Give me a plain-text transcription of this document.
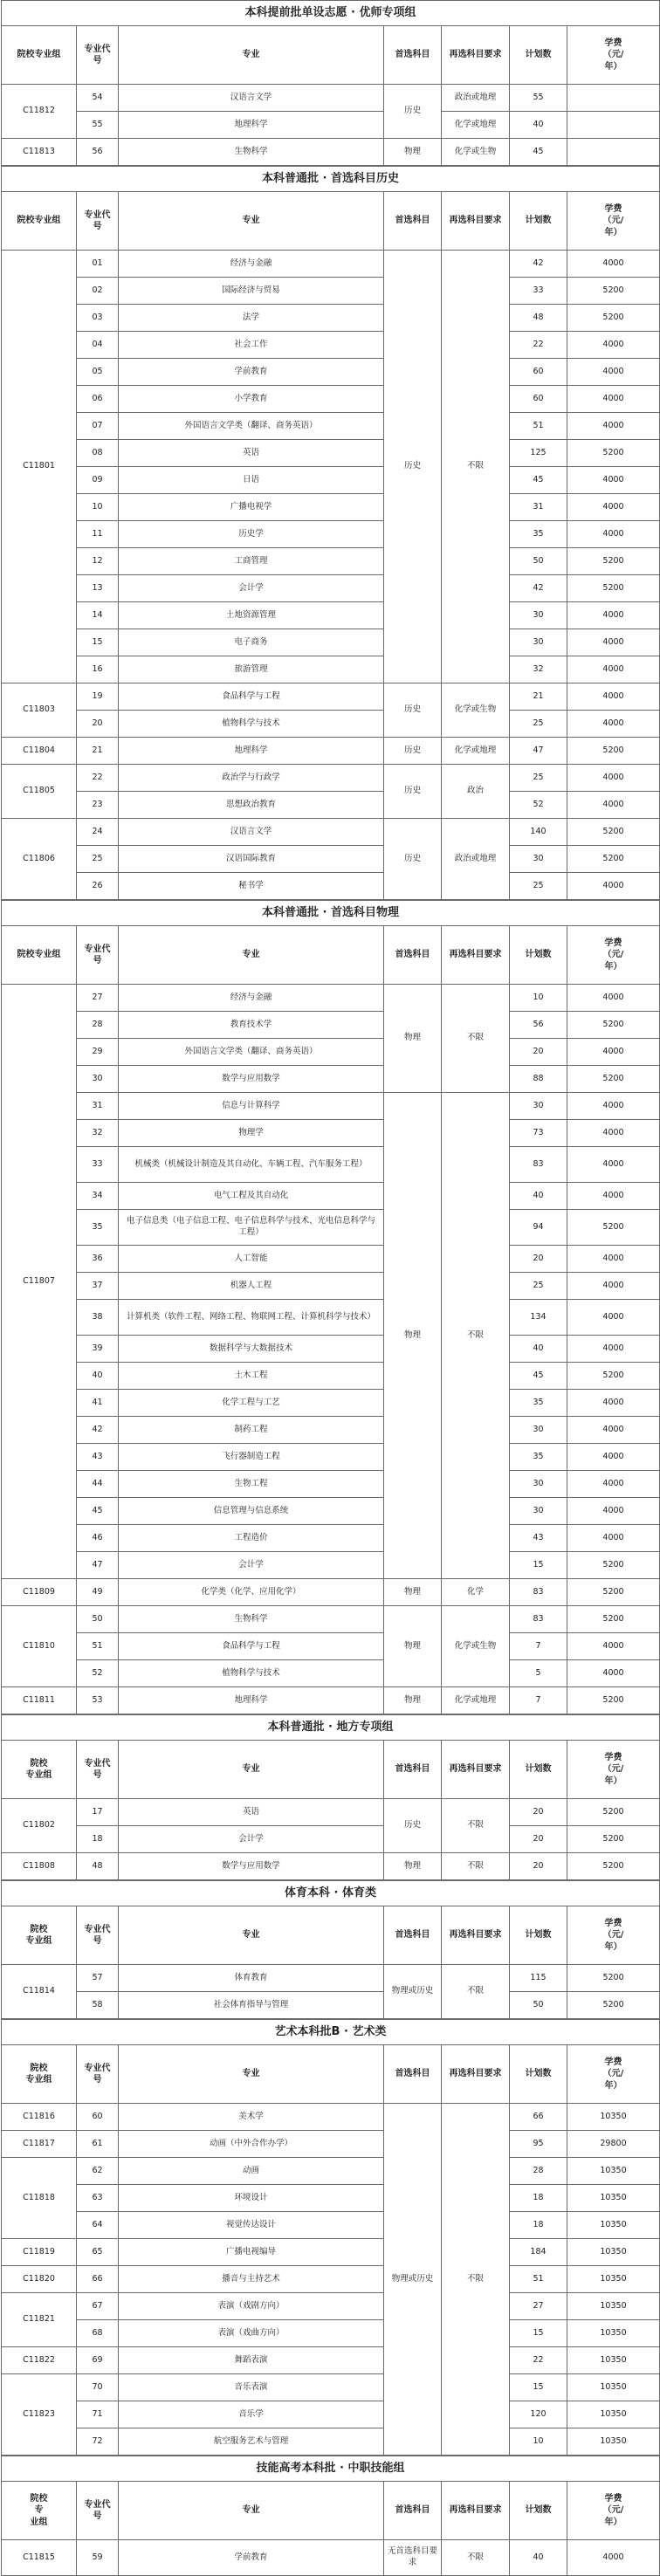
本科提前批单设志愿 · 优师专项组						
院校专业组	专业代
号	专业	首选科目	再选科目要求	计划数	学费
（元/
年）
C11812	54	汉语言文学	历史	政治或地理	55	
	55	地理科学		化学或地理	40	
C11813	56	生物科学	物理	化学或生物	45	
本科普通批 · 首选科目历史						
院校专业组	专业代
号	专业	首选科目	再选科目要求	计划数	学费
（元/
年）
C11801	01	经济与金融	历史	不限	42	4000
	02	国际经济与贸易			33	5200
	03	法学			48	5200
	04	社会工作			22	4000
	05	学前教育			60	4000
	06	小学教育			60	4000
	07	外国语言文学类（翻译、商务英语）			51	4000
	08	英语			125	5200
	09	日语			45	4000
	10	广播电视学			31	4000
	11	历史学			35	4000
	12	工商管理			50	5200
	13	会计学			42	5200
	14	土地资源管理			30	4000
	15	电子商务			30	4000
	16	旅游管理			32	4000
C11803	19	食品科学与工程	历史	化学或生物	21	4000
	20	植物科学与技术			25	4000
C11804	21	地理科学	历史	化学或地理	47	5200
C11805	22	政治学与行政学	历史	政治	25	4000
	23	思想政治教育			52	4000
C11806	24	汉语言文学	历史	政治或地理	140	5200
	25	汉语国际教育			30	5200
	26	秘书学			25	4000
本科普通批 · 首选科目物理						
院校专业组	专业代
号	专业	首选科目	再选科目要求	计划数	学费
（元/
年）
C11807	27	经济与金融	物理	不限	10	4000
	28	教育技术学			56	5200
	29	外国语言文学类（翻译、商务英语）			20	4000
	30	数学与应用数学			88	5200
	31	信息与计算科学	物理	不限	30	4000
	32	物理学			73	4000
	33	机械类（机械设计制造及其自动化、车辆工程、汽车服务工程）			83	4000
	34	电气工程及其自动化			40	4000
	35	电子信息类（电子信息工程、电子信息科学与技术、光电信息科学与工程）			94	5200
	36	人工智能			20	4000
	37	机器人工程			25	4000
	38	计算机类（软件工程、网络工程、物联网工程、计算机科学与技术）			134	4000
	39	数据科学与大数据技术			40	4000
	40	土木工程			45	5200
	41	化学工程与工艺			35	4000
	42	制药工程			30	4000
	43	飞行器制造工程			35	4000
	44	生物工程			30	4000
	45	信息管理与信息系统			30	4000
	46	工程造价			43	4000
	47	会计学			15	5200
C11809	49	化学类（化学、应用化学）	物理	化学	83	5200
C11810	50	生物科学	物理	化学或生物	83	5200
	51	食品科学与工程			7	4000
	52	植物科学与技术			5	4000
C11811	53	地理科学	物理	化学或地理	7	5200
本科普通批 · 地方专项组						
院校
专业组	专业代
号	专业	首选科目	再选科目要求	计划数	学费
（元/
年）
C11802	17	英语	历史	不限	20	5200
	18	会计学			20	5200
C11808	48	数学与应用数学	物理	不限	20	5200
体育本科 · 体育类						
院校
专业组	专业代
号	专业	首选科目	再选科目要求	计划数	学费
（元/
年）
C11814	57	体育教育	物理或历史	不限	115	5200
	58	社会体育指导与管理			50	5200
艺术本科批B · 艺术类						
院校
专业组	专业代
号	专业	首选科目	再选科目要求	计划数	学费
（元/
年）
C11816	60	美术学	物理或历史	不限	66	10350
C11817	61	动画（中外合作办学）			95	29800
C11818	62	动画			28	10350
	63	环境设计			18	10350
	64	视觉传达设计			18	10350
C11819	65	广播电视编导			184	10350
C11820	66	播音与主持艺术			51	10350
C11821	67	表演（戏剧方向）			27	10350
	68	表演（戏曲方向）			15	10350
C11822	69	舞蹈表演			22	10350
C11823	70	音乐表演			15	10350
	71	音乐学			120	10350
	72	航空服务艺术与管理			10	10350
技能高考本科批 · 中职技能组						
院校
专
业组	专业代
号	专业	首选科目	再选科目要求	计划数	学费
（元/
年）
C11815	59	学前教育	无首选科目要求	不限	40	4000
